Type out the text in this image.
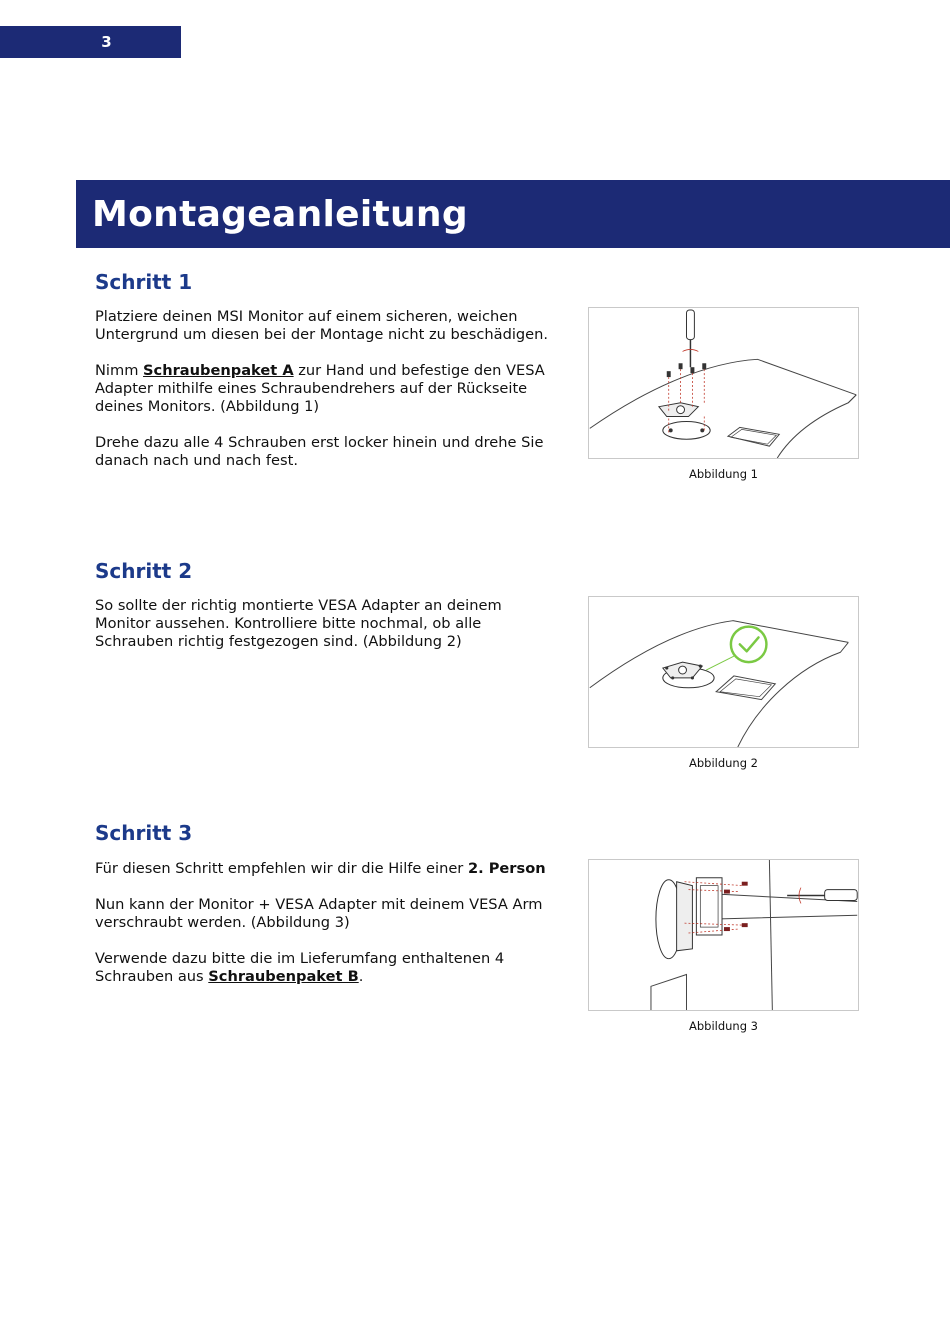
3
Montageanleitung
Schritt 1

Platziere deinen MSI Monitor auf einem sicheren, weichen Untergrund um diesen bei der Montage nicht zu beschädigen.

Nimm Schraubenpaket A zur Hand und befestige den VESA Adapter mithilfe eines Schraubendrehers auf der Rückseite deines Monitors. (Abbildung 1)

Drehe dazu alle 4 Schrauben erst locker hinein und drehe Sie danach nach und nach fest.

Abbildung 1
Schritt 2

So sollte der richtig montierte VESA Adapter an deinem Monitor aussehen. Kontrolliere bitte nochmal, ob alle Schrauben richtig festgezogen sind. (Abbildung 2)

Abbildung 2
Schritt 3

Für diesen Schritt empfehlen wir dir die Hilfe einer 2. Person

Nun kann der Monitor + VESA Adapter mit deinem VESA Arm verschraubt werden. (Abbildung 3)

Verwende dazu bitte die im Lieferumfang enthaltenen 4 Schrauben aus Schraubenpaket B.

Abbildung 3
